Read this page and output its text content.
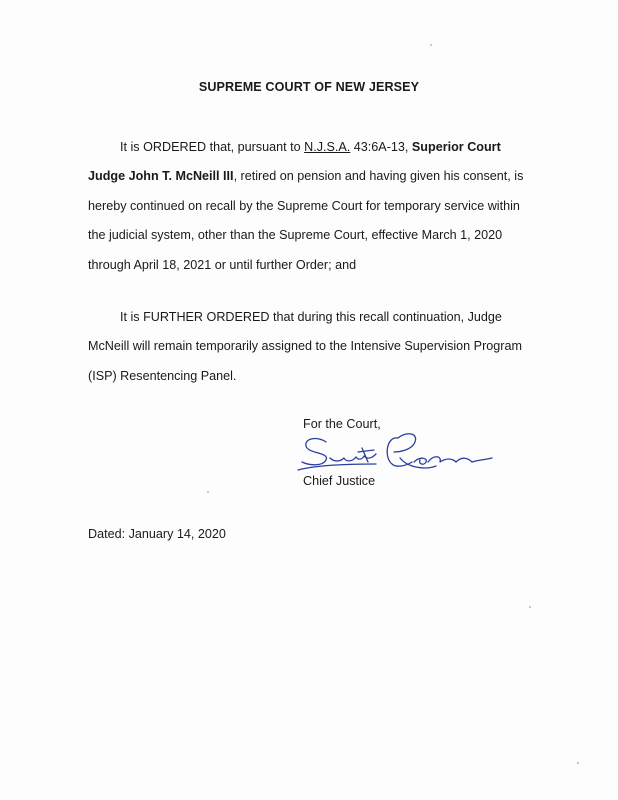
SUPREME COURT OF NEW JERSEY

It is ORDERED that, pursuant to N.J.S.A. 43:6A-13, Superior Court Judge John T. McNeill III, retired on pension and having given his consent, is hereby continued on recall by the Supreme Court for temporary service within the judicial system, other than the Supreme Court, effective March 1, 2020 through April 18, 2021 or until further Order; and

It is FURTHER ORDERED that during this recall continuation, Judge McNeill will remain temporarily assigned to the Intensive Supervision Program (ISP) Resentencing Panel.

For the Court,
Chief Justice
Dated: January 14, 2020
